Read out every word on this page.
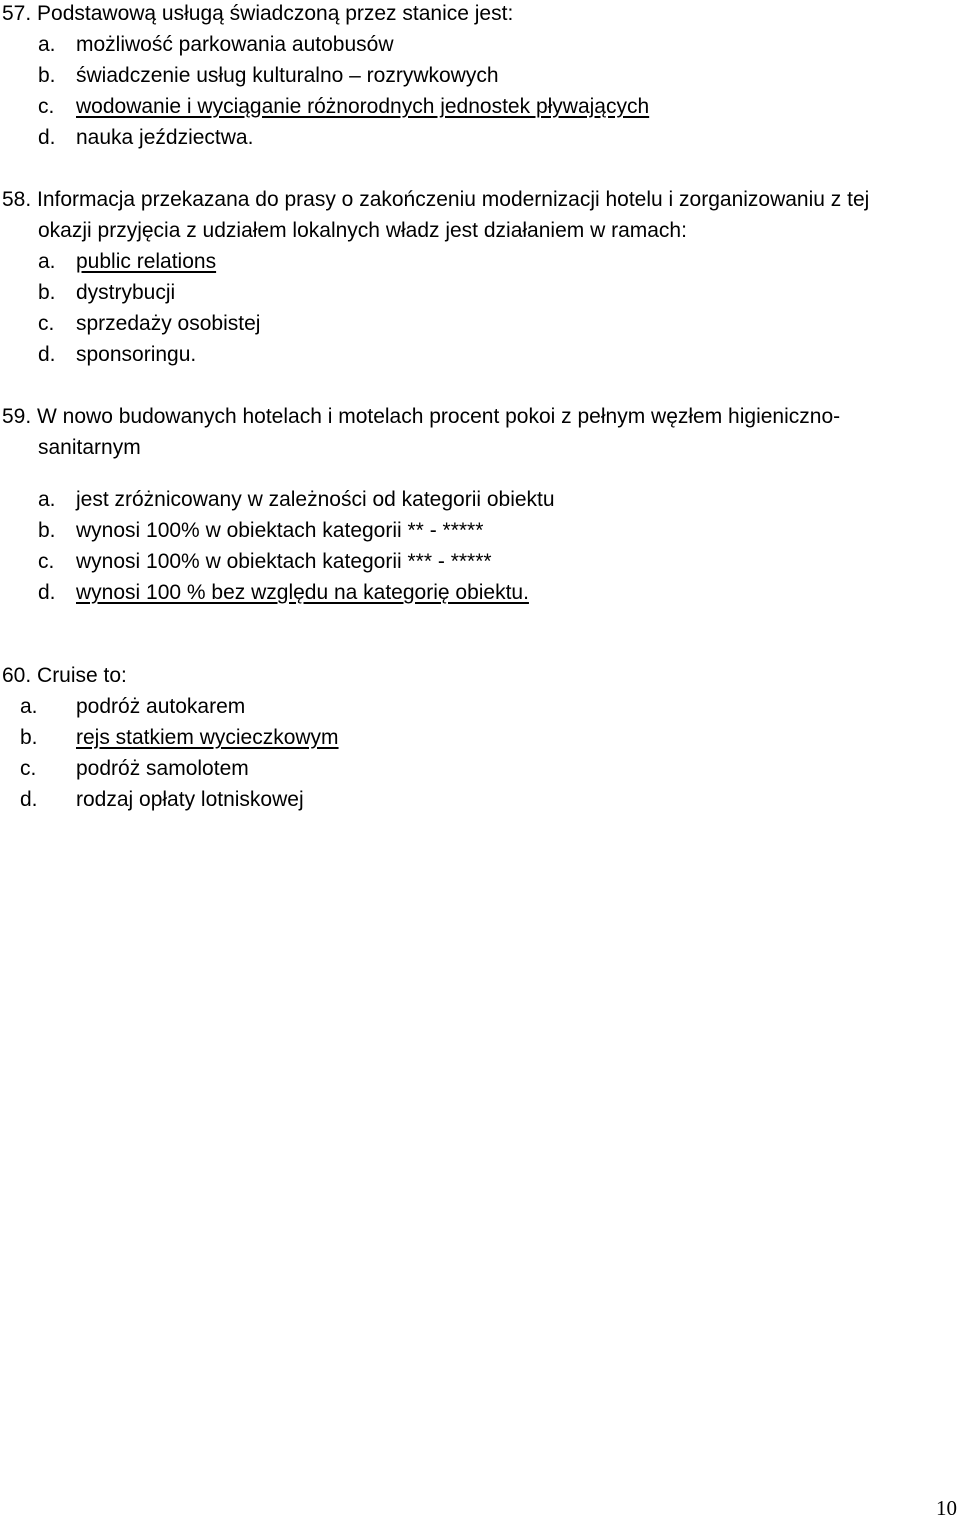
57. Podstawową usługą świadczoną przez stanice jest:
a. możliwość parkowania autobusów
b. świadczenie usług kulturalno – rozrywkowych
c. wodowanie i wyciąganie różnorodnych jednostek pływających
d. nauka jeździectwa.
58. Informacja przekazana do prasy o zakończeniu modernizacji hotelu i zorganizowaniu z tej
okazji przyjęcia z udziałem lokalnych władz jest działaniem w ramach:
a. public relations
b. dystrybucji
c. sprzedaży osobistej
d. sponsoringu.
59. W nowo budowanych hotelach i motelach procent pokoi z pełnym węzłem higieniczno-
sanitarnym
a. jest zróżnicowany w zależności od kategorii obiektu
b. wynosi 100% w obiektach kategorii ** - *****
c. wynosi 100% w obiektach kategorii *** - *****
d. wynosi 100 % bez względu na kategorię obiektu.
60. Cruise to:
a. podróż autokarem
b. rejs statkiem wycieczkowym
c. podróż samolotem
d. rodzaj opłaty lotniskowej
10
